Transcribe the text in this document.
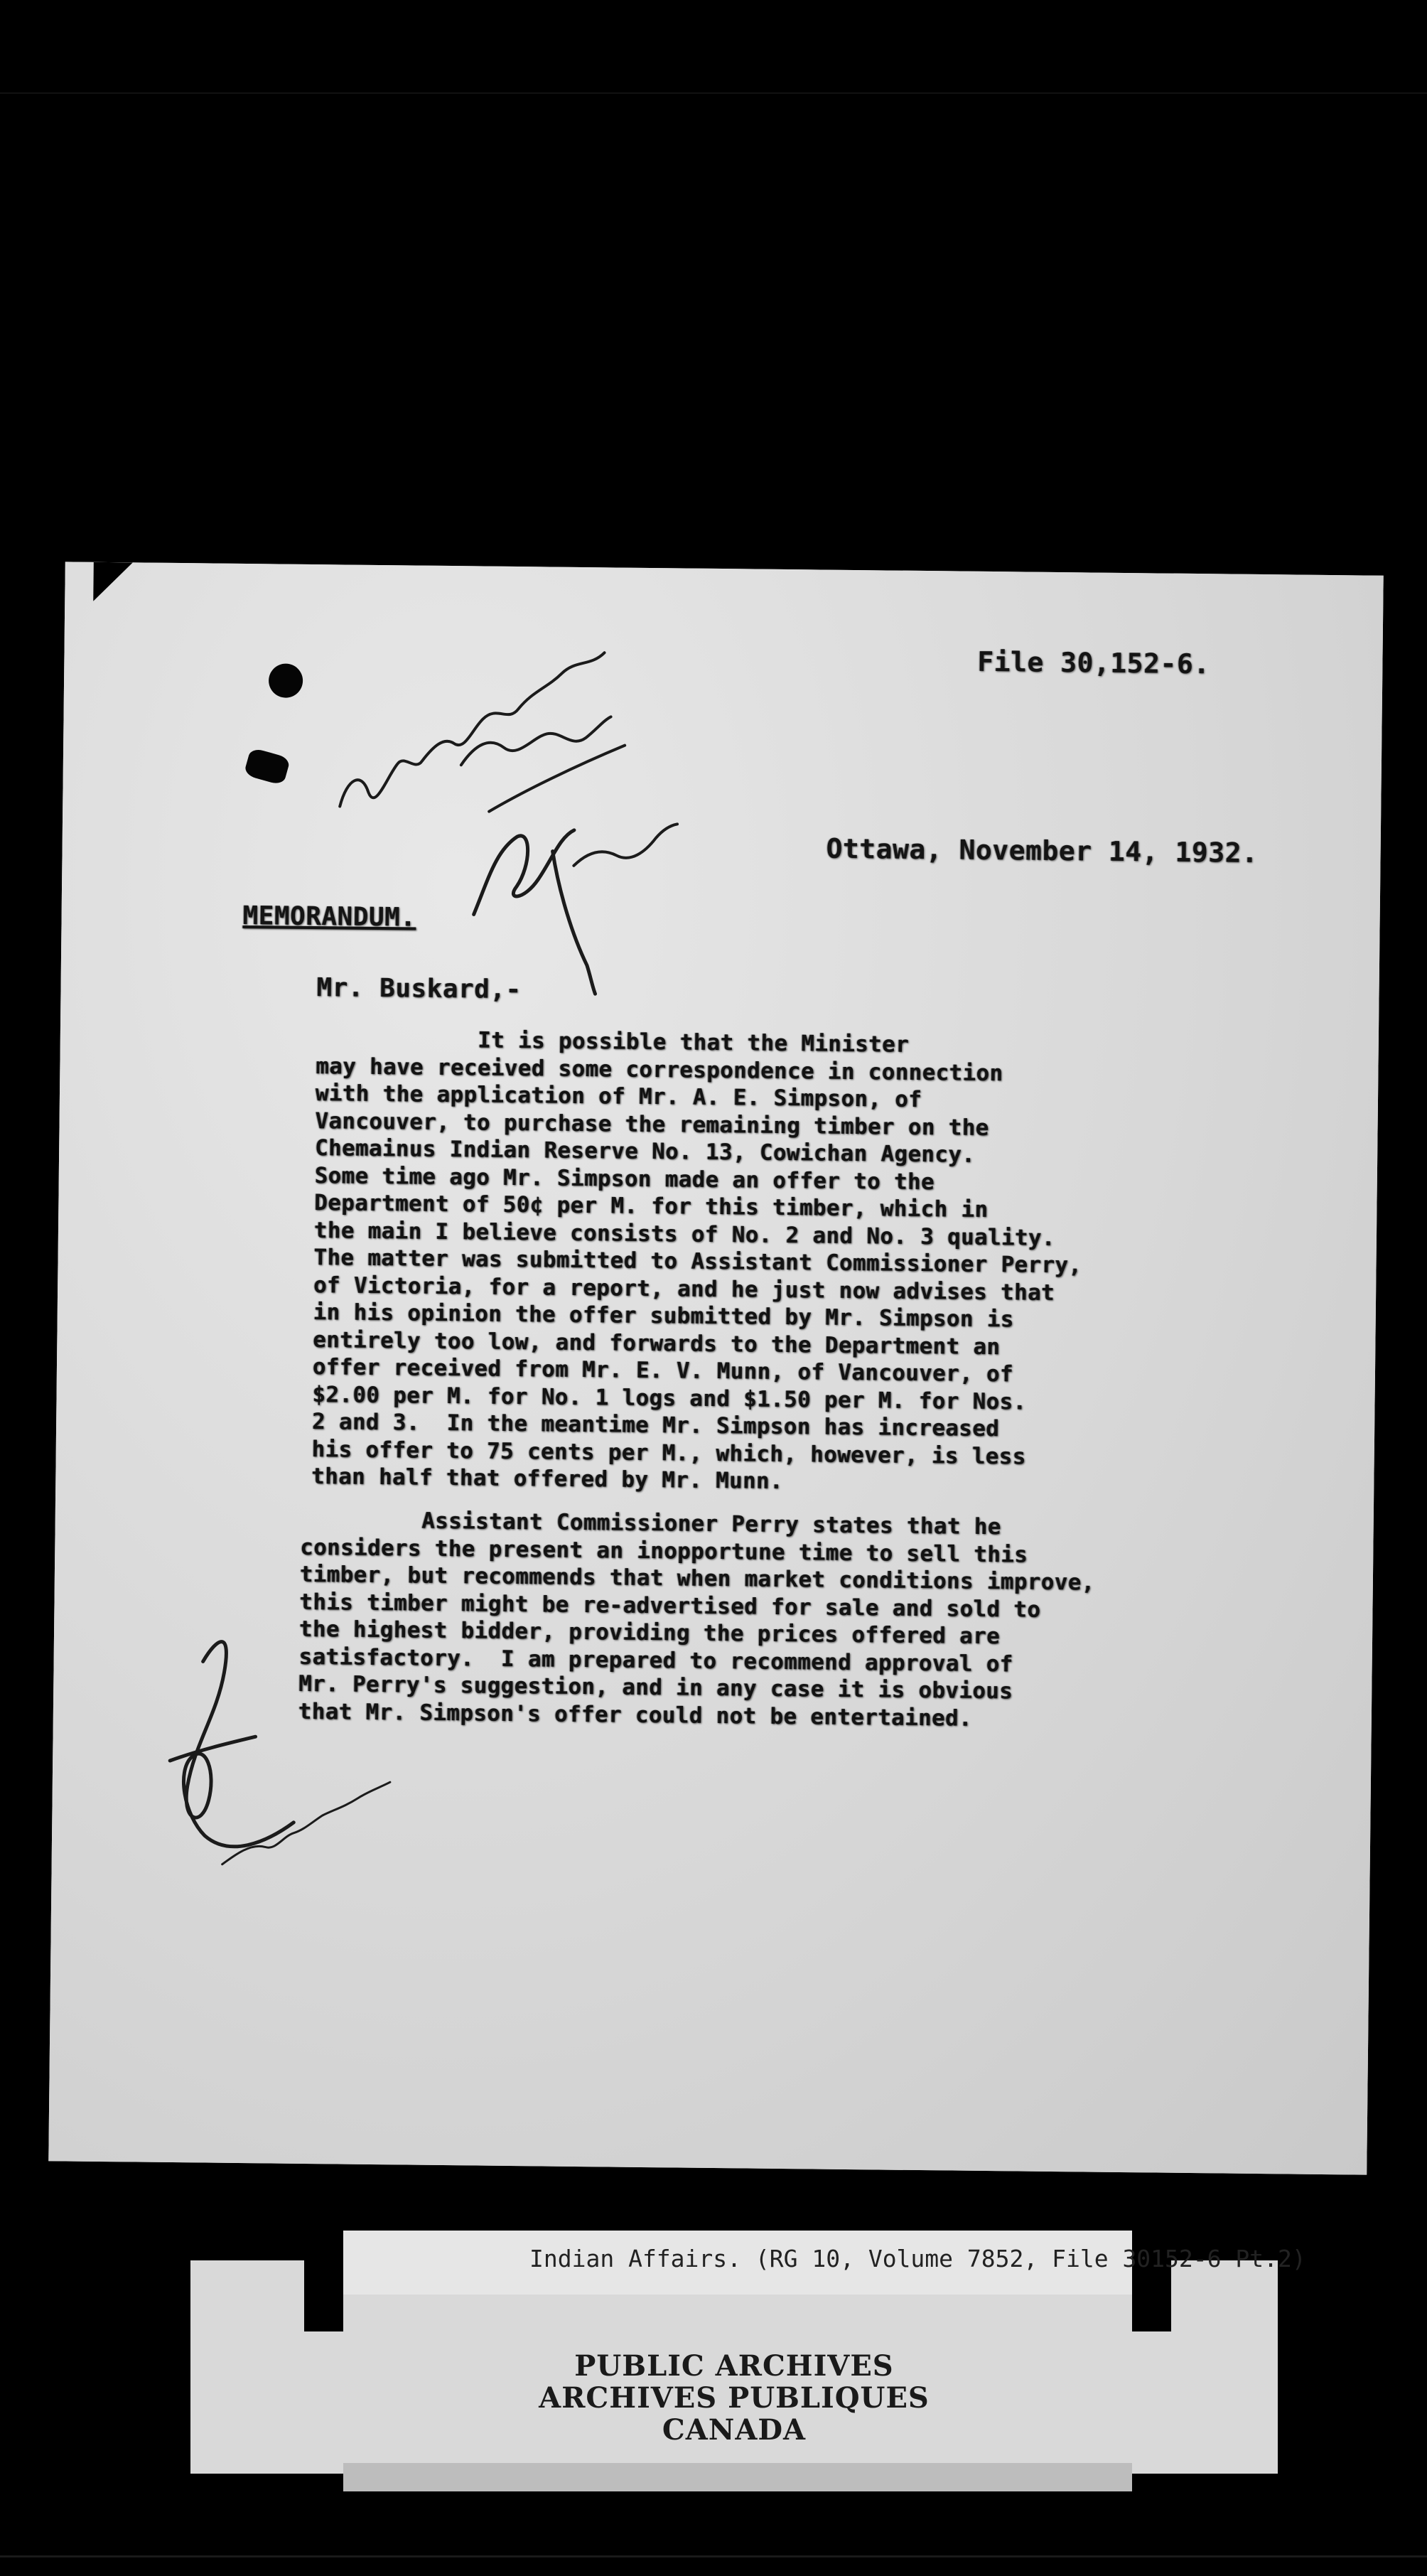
File 30,152-6.
Ottawa, November 14, 1932.
MEMORANDUM.
Mr. Buskard,-
It is possible that the Minister
may have received some correspondence in connection
with the application of Mr. A. E. Simpson, of
Vancouver, to purchase the remaining timber on the
Chemainus Indian Reserve No. 13, Cowichan Agency.
Some time ago Mr. Simpson made an offer to the
Department of 50¢ per M. for this timber, which in
the main I believe consists of No. 2 and No. 3 quality.
The matter was submitted to Assistant Commissioner Perry,
of Victoria, for a report, and he just now advises that
in his opinion the offer submitted by Mr. Simpson is
entirely too low, and forwards to the Department an
offer received from Mr. E. V. Munn, of Vancouver, of
$2.00 per M. for No. 1 logs and $1.50 per M. for Nos.
2 and 3.  In the meantime Mr. Simpson has increased
his offer to 75 cents per M., which, however, is less
than half that offered by Mr. Munn.
Assistant Commissioner Perry states that he
considers the present an inopportune time to sell this
timber, but recommends that when market conditions improve,
this timber might be re-advertised for sale and sold to
the highest bidder, providing the prices offered are
satisfactory.  I am prepared to recommend approval of
Mr. Perry's suggestion, and in any case it is obvious
that Mr. Simpson's offer could not be entertained.
Indian Affairs. (RG 10, Volume 7852, File 30152-6 Pt.2)
PUBLIC ARCHIVES
ARCHIVES PUBLIQUES
CANADA
